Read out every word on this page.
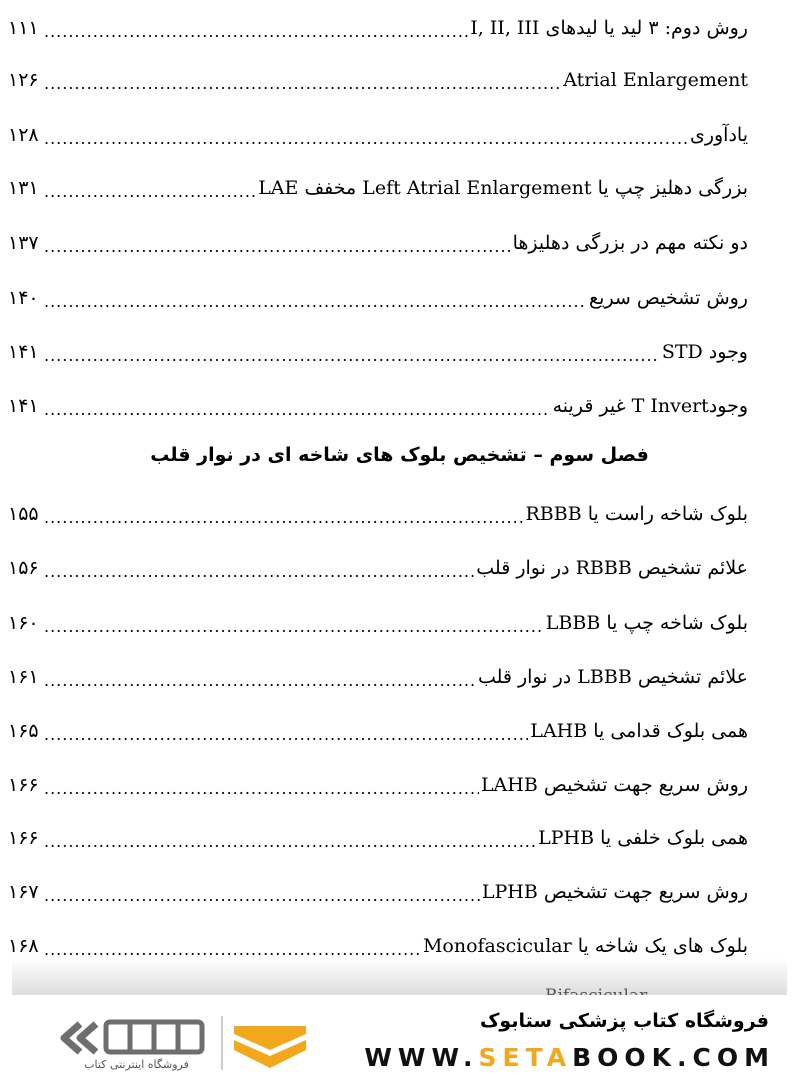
۱۱۱ .....	روش دوم: ۳ لید یا لیدهای I, II, III
۱۲۶ .....	Atrial Enlargement
۱۲۸ .....	یادآوری
۱۳۱ .....	بزرگی دهلیز چپ یا Left Atrial Enlargement مخفف LAE
۱۳۷ .....	دو نکته مهم در بزرگی دهلیزها
۱۴۰ .....	روش تشخیص سریع
۱۴۱ .....	وجود STD
۱۴۱ .....	وجودT Invert غیر قرینه
فصل سوم – تشخیص بلوک های شاخه ای در نوار قلب
۱۵۵ .....	بلوک شاخه راست یا RBBB
۱۵۶ .....	علائم تشخیص RBBB در نوار قلب
۱۶۰ .....	بلوک شاخه چپ یا LBBB
۱۶۱ .....	علائم تشخیص LBBB در نوار قلب
۱۶۵ .....	همی بلوک قدامی یا LAHB
۱۶۶ .....	روش سریع جهت تشخیص LAHB
۱۶۶ .....	همی بلوک خلفی یا LPHB
۱۶۷ .....	روش سریع جهت تشخیص LPHB
۱۶۸ .....	بلوک های یک شاخه یا Monofascicular
فروشگاه اینترنتی کتاب
فروشگاه کتاب پزشکی ستابوک
WWW.SETABOOK.COM
